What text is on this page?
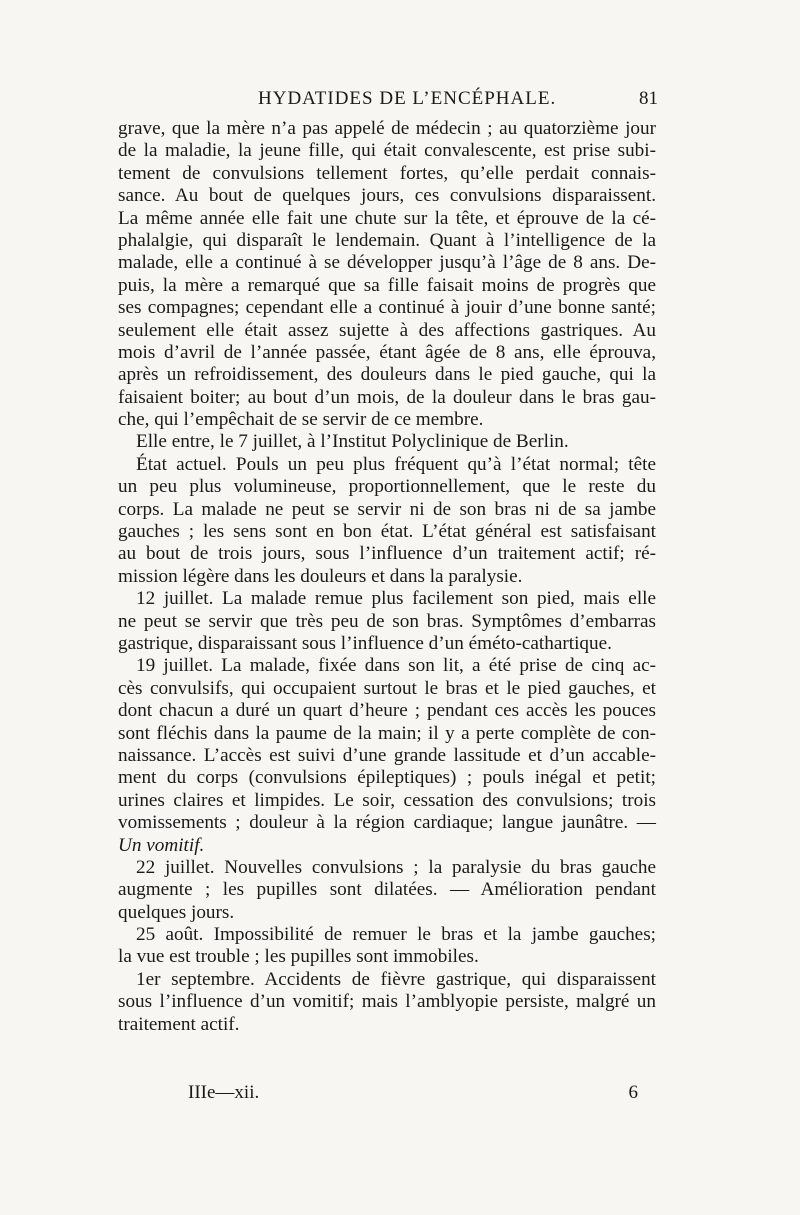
HYDATIDES DE L’ENCÉPHALE.	81
grave, que la mère n’a pas appelé de médecin ; au quatorzième jour
de la maladie, la jeune fille, qui était convalescente, est prise subi-
tement de convulsions tellement fortes, qu’elle perdait connais-
sance. Au bout de quelques jours, ces convulsions disparaissent.
La même année elle fait une chute sur la tête, et éprouve de la cé-
phalalgie, qui disparaît le lendemain. Quant à l’intelligence de la
malade, elle a continué à se développer jusqu’à l’âge de 8 ans. De-
puis, la mère a remarqué que sa fille faisait moins de progrès que
ses compagnes; cependant elle a continué à jouir d’une bonne santé;
seulement elle était assez sujette à des affections gastriques. Au
mois d’avril de l’année passée, étant âgée de 8 ans, elle éprouva,
après un refroidissement, des douleurs dans le pied gauche, qui la
faisaient boiter; au bout d’un mois, de la douleur dans le bras gau-
che, qui l’empêchait de se servir de ce membre.
Elle entre, le 7 juillet, à l’Institut Polyclinique de Berlin.
État actuel. Pouls un peu plus fréquent qu’à l’état normal; tête
un peu plus volumineuse, proportionnellement, que le reste du
corps. La malade ne peut se servir ni de son bras ni de sa jambe
gauches ; les sens sont en bon état. L’état général est satisfaisant
au bout de trois jours, sous l’influence d’un traitement actif; ré-
mission légère dans les douleurs et dans la paralysie.
12 juillet. La malade remue plus facilement son pied, mais elle
ne peut se servir que très peu de son bras. Symptômes d’embarras
gastrique, disparaissant sous l’influence d’un éméto-cathartique.
19 juillet. La malade, fixée dans son lit, a été prise de cinq ac-
cès convulsifs, qui occupaient surtout le bras et le pied gauches, et
dont chacun a duré un quart d’heure ; pendant ces accès les pouces
sont fléchis dans la paume de la main; il y a perte complète de con-
naissance. L’accès est suivi d’une grande lassitude et d’un accable-
ment du corps (convulsions épileptiques) ; pouls inégal et petit;
urines claires et limpides. Le soir, cessation des convulsions; trois
vomissements ; douleur à la région cardiaque; langue jaunâtre. —
Un vomitif.
22 juillet. Nouvelles convulsions ; la paralysie du bras gauche
augmente ; les pupilles sont dilatées. — Amélioration pendant
quelques jours.
25 août. Impossibilité de remuer le bras et la jambe gauches;
la vue est trouble ; les pupilles sont immobiles.
1er septembre. Accidents de fièvre gastrique, qui disparaissent
sous l’influence d’un vomitif; mais l’amblyopie persiste, malgré un
traitement actif.
IIIe—xii.	6
